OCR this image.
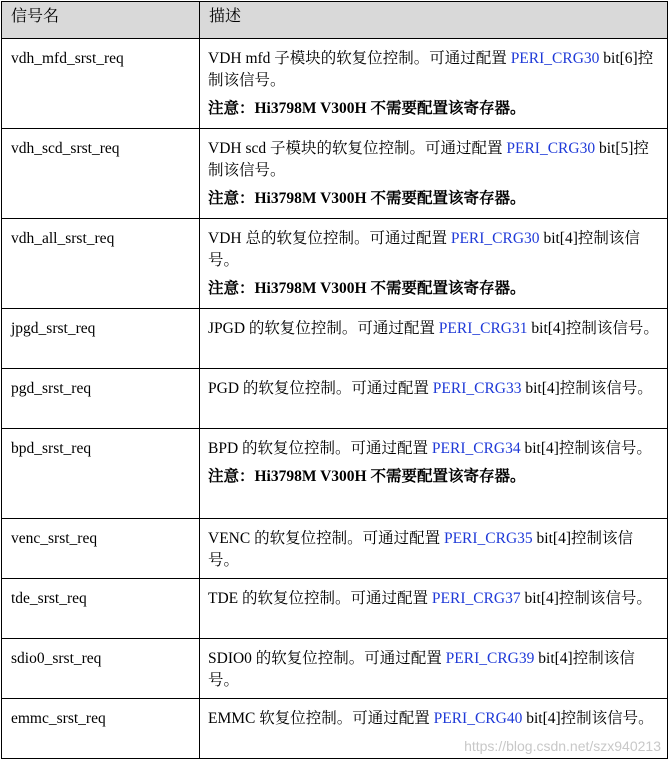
信号名	描述
vdh_mfd_srst_req	VDH mfd 子模块的软复位控制。可通过配置 PERI_CRG30 bit[6]控制该信号。

注意：Hi3798M V300H 不需要配置该寄存器。

vdh_scd_srst_req	VDH scd 子模块的软复位控制。可通过配置 PERI_CRG30 bit[5]控制该信号。

注意：Hi3798M V300H 不需要配置该寄存器。

vdh_all_srst_req	VDH 总的软复位控制。可通过配置 PERI_CRG30 bit[4]控制该信号。

注意：Hi3798M V300H 不需要配置该寄存器。

jpgd_srst_req	JPGD 的软复位控制。可通过配置 PERI_CRG31 bit[4]控制该信号。

pgd_srst_req	PGD 的软复位控制。可通过配置 PERI_CRG33 bit[4]控制该信号。

bpd_srst_req	BPD 的软复位控制。可通过配置 PERI_CRG34 bit[4]控制该信号。

注意：Hi3798M V300H 不需要配置该寄存器。

venc_srst_req	VENC 的软复位控制。可通过配置 PERI_CRG35 bit[4]控制该信号。

tde_srst_req	TDE 的软复位控制。可通过配置 PERI_CRG37 bit[4]控制该信号。

sdio0_srst_req	SDIO0 的软复位控制。可通过配置 PERI_CRG39 bit[4]控制该信号。

emmc_srst_req	EMMC 软复位控制。可通过配置 PERI_CRG40 bit[4]控制该信号。

https://blog.csdn.net/szx940213
